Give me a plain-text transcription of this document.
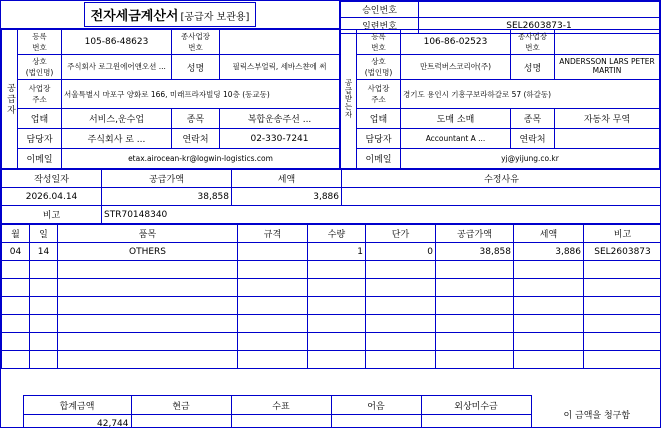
전자세금계산서 [공급자 보관용]
승인번호	
일련번호	SEL2603873-1
공급자	등록
번호	105-86-48623	종사업장
번호	
	상호
(법인명)	주식회사 로그윈에어앤오션 ...	성명	필릭스부얼릭, 세바스챤에 써
	사업장
주소	서울특별시 마포구 양화로 166, 미래프라자빌딩 10층 (동교동)		
	업태	서비스,운수업	종목	복합운송주선 ...
	담당자	주식회사 로 ...	연락처	02-330-7241
	이메일	etax.airocean-kr@logwin-logistics.com		
공
급
받
는
자	등록
번호	106-86-02523	종사업장
번호	
	상호
(법인명)	만트럭버스코리아(주)	성명	ANDERSSON LARS PETER MARTIN
	사업장
주소	경기도 용인시 기흥구보라하갈로 57 (하갈동)		
	업태	도매 소매	종목	자동차 무역
	담당자	Accountant A ...	연락처	
	이메일	yj@yijung.co.kr		
작성일자	공급가액	세액	수정사유
2026.04.14	38,858	3,886	
비고	STR70148340		
월	일	품목	규격	수량	단가	공급가액	세액	비고
04	14	OTHERS		1	0	38,858	3,886	SEL2603873

	합계금액	현금	수표	어음	외상미수금	이 금액을 청구함
	42,744					
